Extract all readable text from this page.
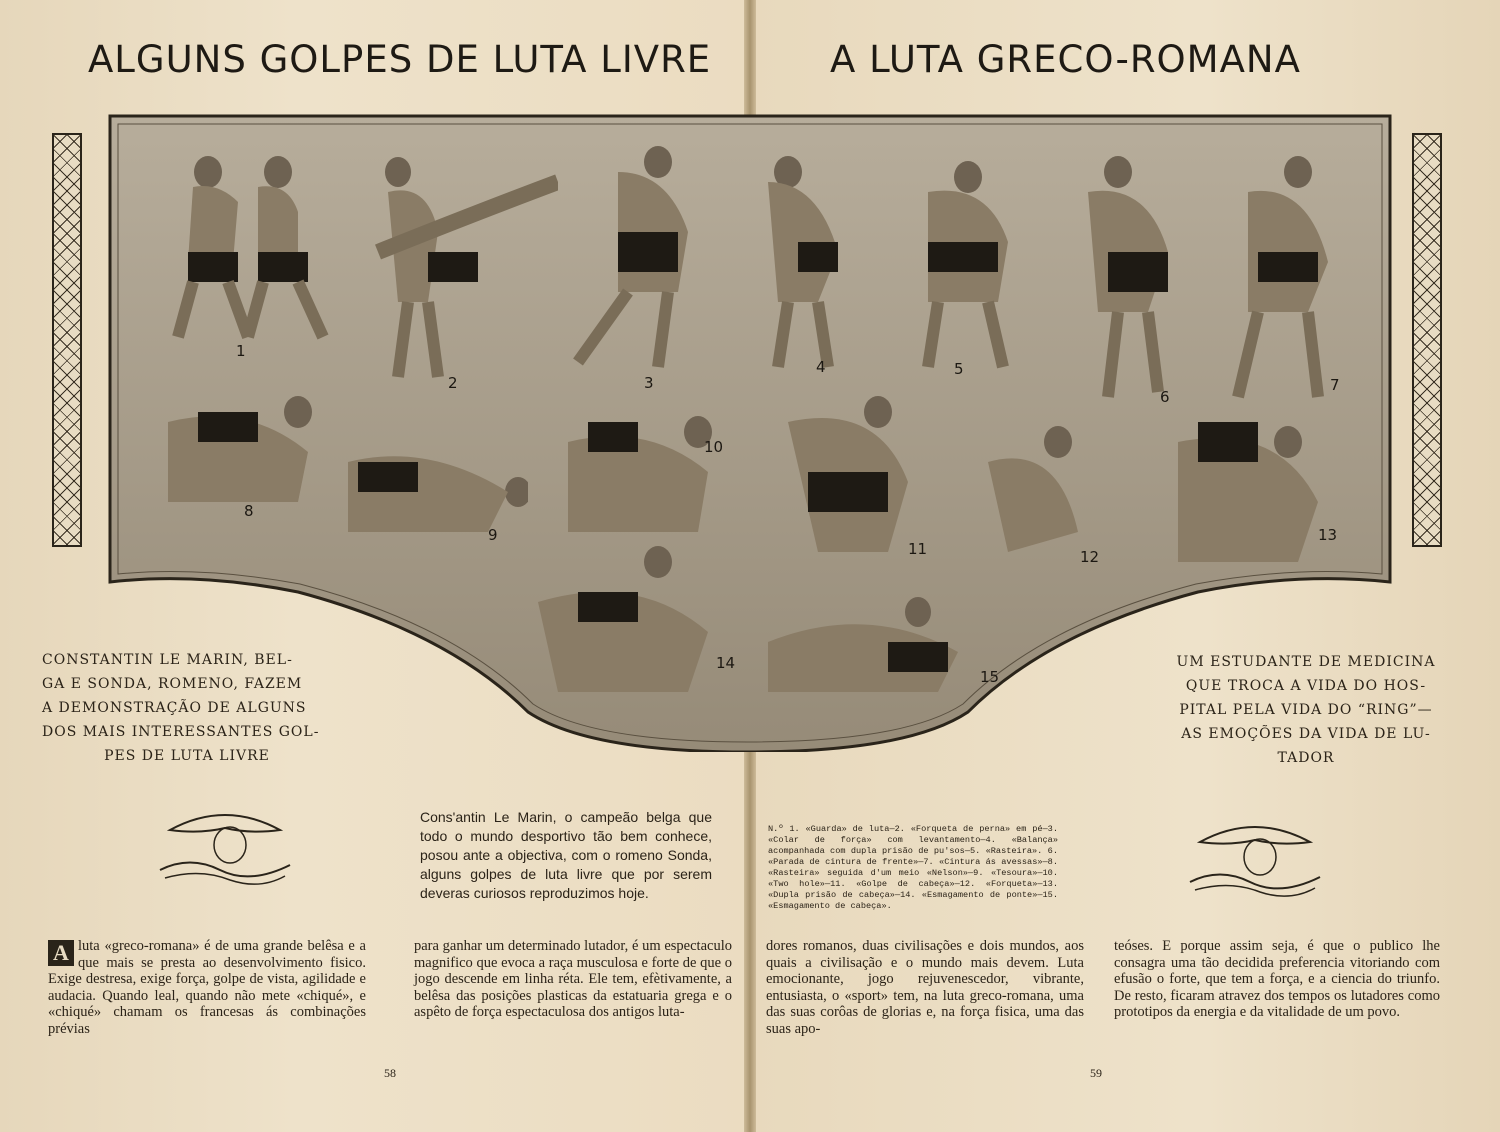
ALGUNS GOLPES DE LUTA LIVRE	A LUTA GRECO-ROMANA
1
2	3
4	5
6
7
8
9
10
11	12
13
14
15
CONSTANTIN LE MARIN, BEL-
GA E SONDA, ROMENO, FAZEM
A DEMONSTRAÇÃO DE ALGUNS
DOS MAIS INTERESSANTES GOL-
PES DE LUTA LIVRE
UM ESTUDANTE DE MEDICINA
QUE TROCA A VIDA DO HOS-
PITAL PELA VIDA DO “RING”—
AS EMOÇÕES DA VIDA DE LU-
TADOR
Cons'antin Le Marin, o campeão belga que todo o mundo desportivo tão bem conhece, posou ante a objectiva, com o romeno Sonda, alguns golpes de luta livre que por serem deveras curiosos reproduzimos hoje.
N.º 1. «Guarda» de luta—2. «Forqueta de perna» em pé—3. «Colar de força» com levantamento—4. «Balança» acompanhada com dupla prisão de pu'sos—5. «Rasteira». 6. «Parada de cintura de frente»—7. «Cintura ás avessas»—8. «Rasteira» seguida d'um meio «Nelson»—9. «Tesoura»—10. «Two hole»—11. «Golpe de cabeça»—12. «Forqueta»—13. «Dupla prisão de cabeça»—14. «Esmagamento de ponte»—15. «Esmagamento de cabeça».
A luta «greco-romana» é de uma grande belêsa e a que mais se presta ao desenvolvimento fisico. Exige destresa, exige força, golpe de vista, agilidade e audacia. Quando leal, quando não mete «chiqué», e «chiqué» chamam os francesas ás combinações prévias
para ganhar um determinado lutador, é um espectaculo magnifico que evoca a raça musculosa e forte de que o jogo descende em linha réta. Ele tem, efètivamente, a belêsa das posições plasticas da estatuaria grega e o aspêto de força espectaculosa dos antigos luta-
dores romanos, duas civilisações e dois mundos, aos quais a civilisação e o mundo mais devem. Luta emocionante, jogo rejuvenescedor, vibrante, entusiasta, o «sport» tem, na luta greco-romana, uma das suas corôas de glorias e, na força fisica, uma das suas apo-
teóses. E porque assim seja, é que o publico lhe consagra uma tão decidida preferencia vitoriando com efusão o forte, que tem a força, e a ciencia do triunfo. De resto, ficaram atravez dos tempos os lutadores como prototipos da energia e da vitalidade de um povo.
58	59
